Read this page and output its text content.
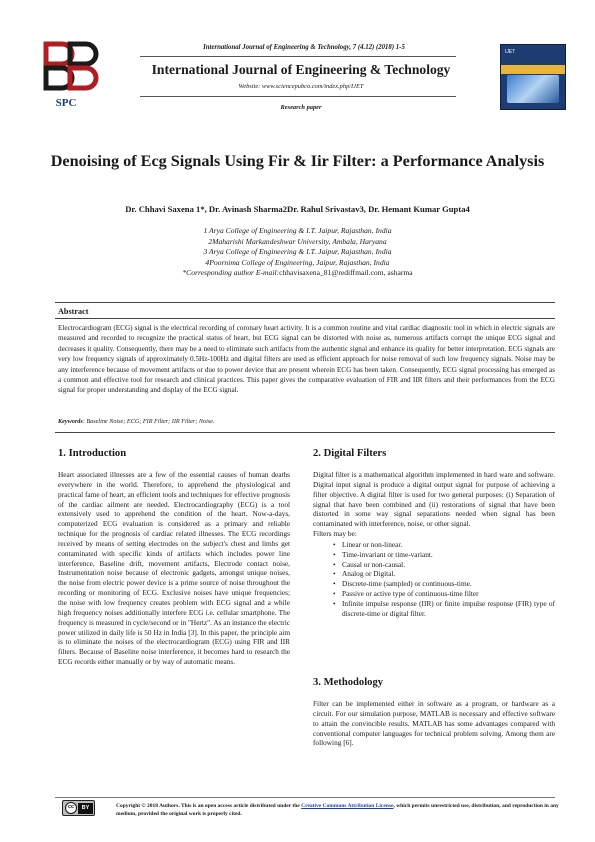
SPC
International Journal of Engineering & Technology, 7 (4.12) (2018) 1-5
International Journal of Engineering & Technology
Website: www.sciencepubco.com/index.php/IJET
Research paper
IJET
Denoising of Ecg Signals Using Fir & Iir Filter: a Performance Analysis
Dr. Chhavi Saxena 1*, Dr. Avinash Sharma2Dr. Rahul Srivastav3, Dr. Hemant Kumar Gupta4
1 Arya College of Engineering & I.T. Jaipur, Rajasthan, India
2Maharishi Markandeshwar University, Ambala, Haryana
3 Arya College of Engineering & I.T. Jaipur, Rajasthan, India
4Poornima College of Engineering, Jaipur, Rajasthan, India
*Corresponding author E-mail:chhavisaxena_81@rediffmail.com, asharma
Abstract
Electrocardiogram (ECG) signal is the electrical recording of coronary heart activity. It is a common routine and vital cardiac diagnostic tool in which in electric signals are measured and recorded to recognize the practical status of heart, but ECG signal can be distorted with noise as, numerous artifacts corrupt the unique ECG signal and decreases it quality. Consequently, there may be a need to eliminate such artifacts from the authentic signal and enhance its quality for better interpretation. ECG signals are very low frequency signals of approximately 0.5Hz-100Hz and digital filters are used as efficient approach for noise removal of such low frequency signals. Noise may be any interference because of movement artifacts or due to power device that are present wherein ECG has been taken. Consequently, ECG signal processing has emerged as a common and effective tool for research and clinical practices. This paper gives the comparative evaluation of FIR and IIR filters and their performances from the ECG signal for proper understanding and display of the ECG signal.
Keywords: Baseline Noise; ECG; FIR Filter; IIR Filter; Noise.
1. Introduction
Heart associated illnesses are a few of the essential causes of human deaths everywhere in the world. Therefore, to apprehend the physiological and practical fame of heart, an efficient tools and techniques for effective prognosis of the cardiac ailment are needed. Electrocardiography (ECG) is a tool extensively used to apprehend the condition of the heart. Now-a-days, computerized ECG evaluation is considered as a primary and reliable technique for the prognosis of cardiac related illnesses. The ECG recordings received by means of setting electrodes on the subject's chest and limbs get contaminated with specific kinds of artifacts which includes power line interference, Baseline drift, movement artifacts, Electrode contact noise, Instrumentation noise because of electronic gadgets, amongst unique noises, the noise from electric power device is a prime source of noise throughout the recording or monitoring of ECG. Exclusive noises have unique frequencies; the noise with low frequency creates problem with ECG signal and a while high frequency noises additionally interfere ECG i.e. cellular smartphone. The frequency is measured in cycle/second or in "Hertz". As an instance the electric power utilized in daily life is 50 Hz in India [3]. In this paper, the principle aim is to eliminate the noises of the electrocardiogram (ECG) using FIR and IIR filters. Because of Baseline noise interference, it becomes hard to research the ECG records either manually or by way of automatic means.
2. Digital Filters
Digital filter is a mathematical algorithm implemented in hard ware and software. Digital input signal is produce a digital output signal for purpose of achieving a filter objective. A digital filter is used for two general purposes: (i) Separation of signal that have been combined and (ii) restorations of signal that have been distorted in some way signal separations needed when signal has been contaminated with interference, noise, or other signal.
Filters may be:
• Linear or non-linear.
• Time-invariant or time-variant.
• Causal or non-causal.
• Analog or Digital.
• Discrete-time (sampled) or continuous-time.
• Passive or active type of continuous-time filter
• Infinite impulse response (IIR) or finite impulse response (FIR) type of discrete-time or digital filter.
3. Methodology
Filter can be implemented either in software as a program, or hardware as a circuit. For our simulation purpose, MATLAB is necessary and effective software to attain the convincible results. MATLAB has some advantages compared with conventional computer languages for technical problem solving. Among them are following [6].
cc	BY	Copyright © 2018 Authors. This is an open access article distributed under the Creative Commons Attribution License, which permits unrestricted use, distribution, and reproduction in any medium, provided the original work is properly cited.
